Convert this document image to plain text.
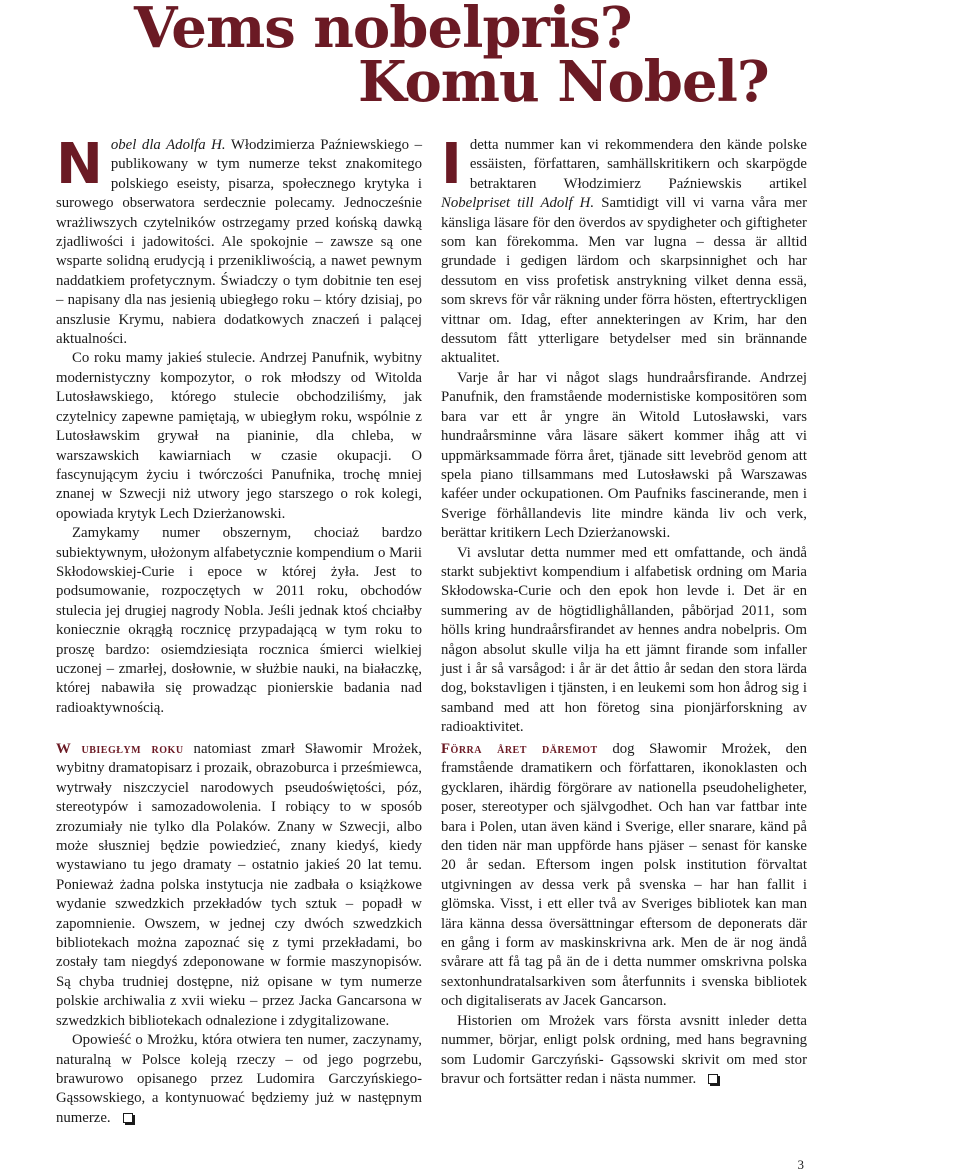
Vems nobelpris?
Komu Nobel?

Nobel dla Adolfa H. Włodzimierza Paźniewskiego – publikowany w tym numerze tekst znakomitego polskiego eseisty, pisarza, społecznego krytyka i surowego obserwatora serdecznie polecamy. Jednocześnie wrażliwszych czytelników ostrzegamy przed końską dawką zjadliwości i jadowitości. Ale spokojnie – zawsze są one wsparte solidną erudycją i przenikliwością, a nawet pewnym naddatkiem profetycznym. Świadczy o tym dobitnie ten esej – napisany dla nas jesienią ubiegłego roku – który dzisiaj, po anszlusie Krymu, nabiera dodatkowych znaczeń i palącej aktualności.

Co roku mamy jakieś stulecie. Andrzej Panufnik, wybitny modernistyczny kompozytor, o rok młodszy od Witolda Lutosławskiego, którego stulecie obchodziliśmy, jak czytelnicy zapewne pamiętają, w ubiegłym roku, wspólnie z Lutosławskim grywał na pianinie, dla chleba, w warszawskich kawiarniach w czasie okupacji. O fascynującym życiu i twórczości Panufnika, trochę mniej znanej w Szwecji niż utwory jego starszego o rok kolegi, opowiada krytyk Lech Dzierżanowski.

Zamykamy numer obszernym, chociaż bardzo subiektywnym, ułożonym alfabetycznie kompendium o Marii Skłodowskiej-Curie i epoce w której żyła. Jest to podsumowanie, rozpoczętych w 2011 roku, obchodów stulecia jej drugiej nagrody Nobla. Jeśli jednak ktoś chciałby koniecznie okrągłą rocznicę przypadającą w tym roku to proszę bardzo: osiemdziesiąta rocznica śmierci wielkiej uczonej – zmarłej, dosłownie, w służbie nauki, na białaczkę, której nabawiła się prowadząc pionierskie badania nad radioaktywnością.

Idetta nummer kan vi rekommendera den kände polske essäisten, författaren, samhällskritikern och skarpögde betraktaren Włodzimierz Paźniewskis artikel Nobelpriset till Adolf H. Samtidigt vill vi varna våra mer känsliga läsare för den överdos av spydigheter och giftigheter som kan förekomma. Men var lugna – dessa är alltid grundade i gedigen lärdom och skarpsinnighet och har dessutom en viss profetisk anstrykning vilket denna essä, som skrevs för vår räkning under förra hösten, eftertryckligen vittnar om. Idag, efter annekteringen av Krim, har den dessutom fått ytterligare betydelser med sin brännande aktualitet.

Varje år har vi något slags hundraårsfirande. Andrzej Panufnik, den framstående modernistiske kompositören som bara var ett år yngre än Witold Lutosławski, vars hundraårsminne våra läsare säkert kommer ihåg att vi uppmärksammade förra året, tjänade sitt levebröd genom att spela piano tillsammans med Lutosławski på Warszawas kaféer under ockupationen. Om Paufniks fascinerande, men i Sverige förhållandevis lite mindre kända liv och verk, berättar kritikern Lech Dzierżanowski.

Vi avslutar detta nummer med ett omfattande, och ändå starkt subjektivt kompendium i alfabetisk ordning om Maria Skłodowska-Curie och den epok hon levde i. Det är en summering av de högtidlighållanden, påbörjad 2011, som hölls kring hundraårsfirandet av hennes andra nobelpris. Om någon absolut skulle vilja ha ett jämnt firande som infaller just i år så varsågod: i år är det åttio år sedan den stora lärda dog, bokstavligen i tjänsten, i en leukemi som hon ådrog sig i samband med att hon företog sina pionjärforskning av radioaktivitet.

W ubiegłym roku natomiast zmarł Sławomir Mrożek, wybitny dramatopisarz i prozaik, obrazoburca i prześmiewca, wytrwały niszczyciel narodowych pseudoświętości, póz, stereotypów i samozadowolenia. I robiący to w sposób zrozumiały nie tylko dla Polaków. Znany w Szwecji, albo może słuszniej będzie powiedzieć, znany kiedyś, kiedy wystawiano tu jego dramaty – ostatnio jakieś 20 lat temu. Ponieważ żadna polska instytucja nie zadbała o książkowe wydanie szwedzkich przekładów tych sztuk – popadł w zapomnienie. Owszem, w jednej czy dwóch szwedzkich bibliotekach można zapoznać się z tymi przekładami, bo zostały tam niegdyś zdeponowane w formie maszynopisów. Są chyba trudniej dostępne, niż opisane w tym numerze polskie archiwalia z xvii wieku – przez Jacka Gancarsona w szwedzkich bibliotekach odnalezione i zdygitalizowane.

Opowieść o Mrożku, która otwiera ten numer, zaczynamy, naturalną w Polsce koleją rzeczy – od jego pogrzebu, brawurowo opisanego przez Ludomira Garczyńskiego-Gąssowskiego, a kontynuować będziemy już w następnym numerze.

Förra året däremot dog Sławomir Mrożek, den framstående dramatikern och författaren, ikonoklasten och gycklaren, ihärdig förgörare av nationella pseudoheligheter, poser, stereotyper och självgodhet. Och han var fattbar inte bara i Polen, utan även känd i Sverige, eller snarare, känd på den tiden när man uppförde hans pjäser – senast för kanske 20 år sedan. Eftersom ingen polsk institution förvaltat utgivningen av dessa verk på svenska – har han fallit i glömska. Visst, i ett eller två av Sveriges bibliotek kan man lära känna dessa översättningar eftersom de deponerats där en gång i form av maskinskrivna ark. Men de är nog ändå svårare att få tag på än de i detta nummer omskrivna polska sextonhundratalsarkiven som återfunnits i svenska bibliotek och digitaliserats av Jacek Gancarson.

Historien om Mrożek vars första avsnitt inleder detta nummer, börjar, enligt polsk ordning, med hans begravning som Ludomir Garczyński- Gąssowski skrivit om med stor bravur och fortsätter redan i nästa nummer.

3
